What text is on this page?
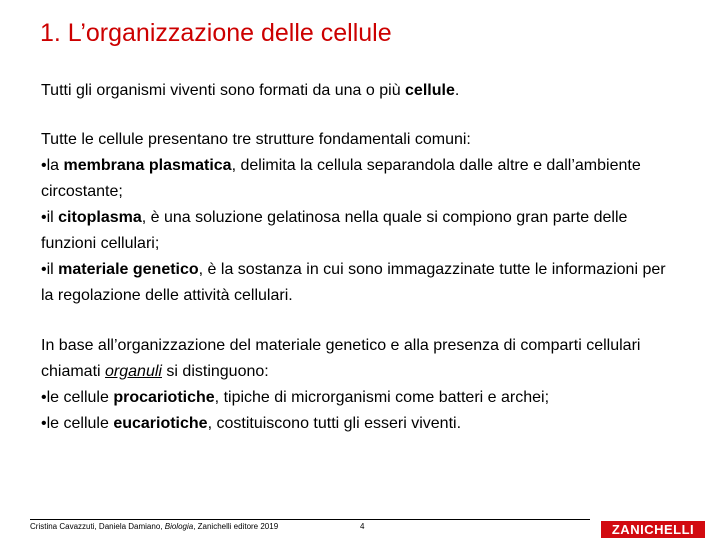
1. L’organizzazione delle cellule

Tutti gli organismi viventi sono formati da una o più cellule.

Tutte le cellule presentano tre strutture fondamentali comuni:

•la membrana plasmatica, delimita la cellula separandola dalle altre e dall’ambiente circostante;

•il citoplasma, è una soluzione gelatinosa nella quale si compiono gran parte delle funzioni cellulari;

•il materiale genetico, è la sostanza in cui sono immagazzinate tutte le informazioni per la regolazione delle attività cellulari.

In base all’organizzazione del materiale genetico e alla presenza di comparti cellulari chiamati organuli si distinguono:

•le cellule procariotiche, tipiche di microrganismi come batteri e archei;

•le cellule eucariotiche, costituiscono tutti gli esseri viventi.

Cristina Cavazzuti, Daniela Damiano, Biologia, Zanichelli editore 2019	4	ZANICHELLI
